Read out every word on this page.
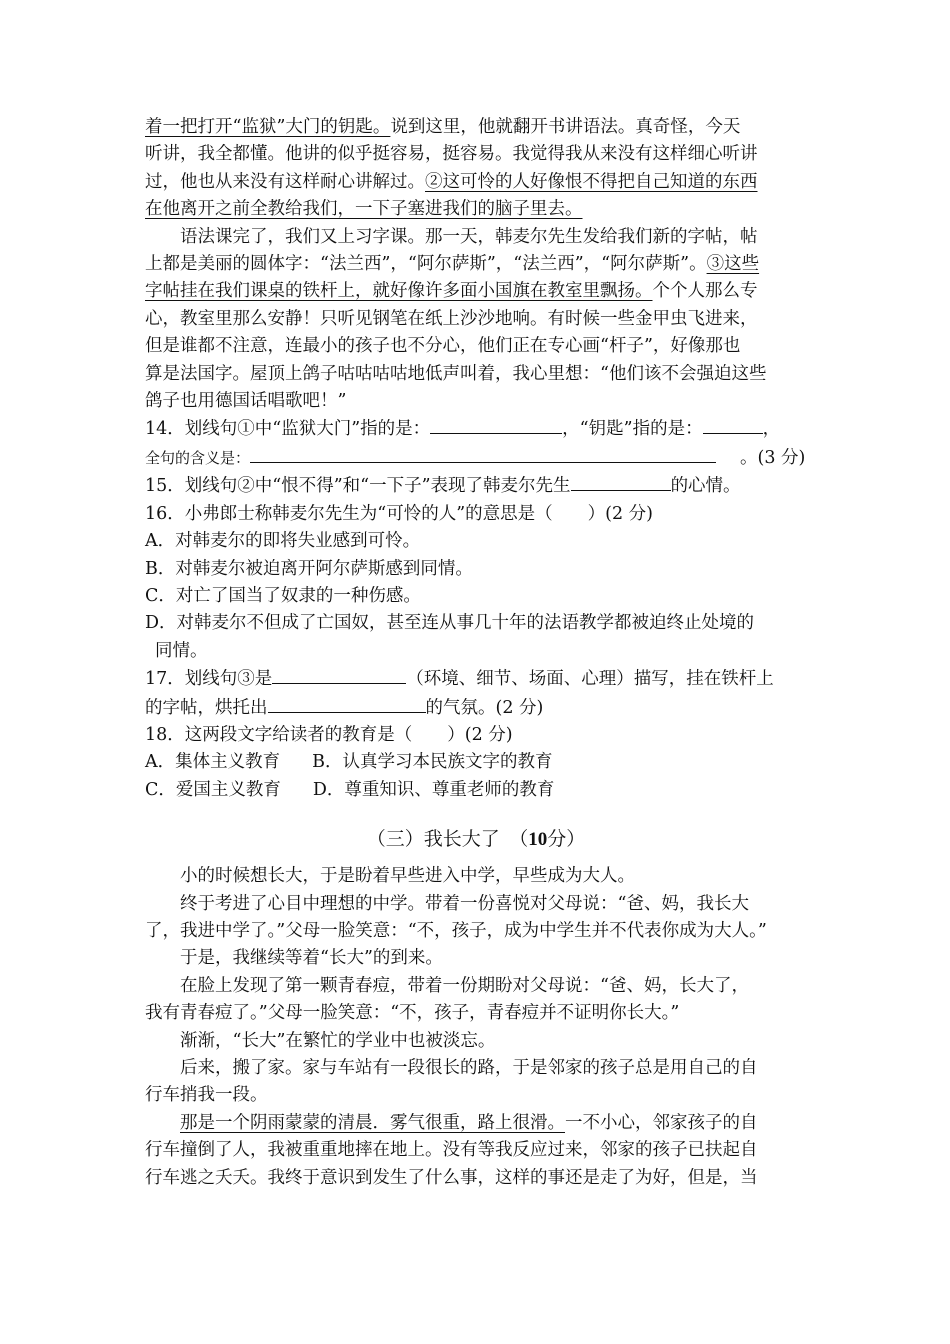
着一把打开“监狱”大门的钥匙。说到这里，他就翻开书讲语法。真奇怪，今天
听讲，我全都懂。他讲的似乎挺容易，挺容易。我觉得我从来没有这样细心听讲
过，他也从来没有这样耐心讲解过。②这可怜的人好像恨不得把自己知道的东西
在他离开之前全教给我们，一下子塞进我们的脑子里去。
语法课完了，我们又上习字课。那一天，韩麦尔先生发给我们新的字帖，帖
上都是美丽的圆体字：“法兰西”，“阿尔萨斯”，“法兰西”，“阿尔萨斯”。③这些
字帖挂在我们课桌的铁杆上，就好像许多面小国旗在教室里飘扬。个个人那么专
心，教室里那么安静！只听见钢笔在纸上沙沙地响。有时候一些金甲虫飞进来，
但是谁都不注意，连最小的孩子也不分心，他们正在专心画“杆子”，好像那也
算是法国字。屋顶上鸽子咕咕咕咕地低声叫着，我心里想：“他们该不会强迫这些
鸽子也用德国话唱歌吧！”
14．划线句①中“监狱大门”指的是：	，“钥匙”指的是：	，
全句的含义是：	。(3 分)
15．划线句②中“恨不得”和“一下子”表现了韩麦尔先生	的心情。
16．小弗郎士称韩麦尔先生为“可怜的人”的意思是（　　）(2 分)
A．对韩麦尔的即将失业感到可怜。
B．对韩麦尔被迫离开阿尔萨斯感到同情。
C．对亡了国当了奴隶的一种伤感。
D．对韩麦尔不但成了亡国奴，甚至连从事几十年的法语教学都被迫终止处境的
同情。
17．划线句③是	（环境、细节、场面、心理）描写，挂在铁杆上
的字帖，烘托出	的气氛。(2 分)
18．这两段文字给读者的教育是（　　）(2 分)
A．集体主义教育 B．认真学习本民族文字的教育
C．爱国主义教育 D．尊重知识、尊重老师的教育
（三）我长大了　（10分）
小的时候想长大，于是盼着早些进入中学，早些成为大人。
终于考进了心目中理想的中学。带着一份喜悦对父母说：“爸、妈，我长大
了，我进中学了。”父母一脸笑意：“不，孩子，成为中学生并不代表你成为大人。”
于是，我继续等着“长大”的到来。
在脸上发现了第一颗青春痘，带着一份期盼对父母说：“爸、妈，长大了，
我有青春痘了。”父母一脸笑意：“不，孩子，青春痘并不证明你长大。”
渐渐，“长大”在繁忙的学业中也被淡忘。
后来，搬了家。家与车站有一段很长的路，于是邻家的孩子总是用自己的自
行车捎我一段。
那是一个阴雨蒙蒙的清晨．雾气很重，路上很滑。一不小心，邻家孩子的自
行车撞倒了人，我被重重地摔在地上。没有等我反应过来，邻家的孩子已扶起自
行车逃之夭夭。我终于意识到发生了什么事，这样的事还是走了为好，但是，当
